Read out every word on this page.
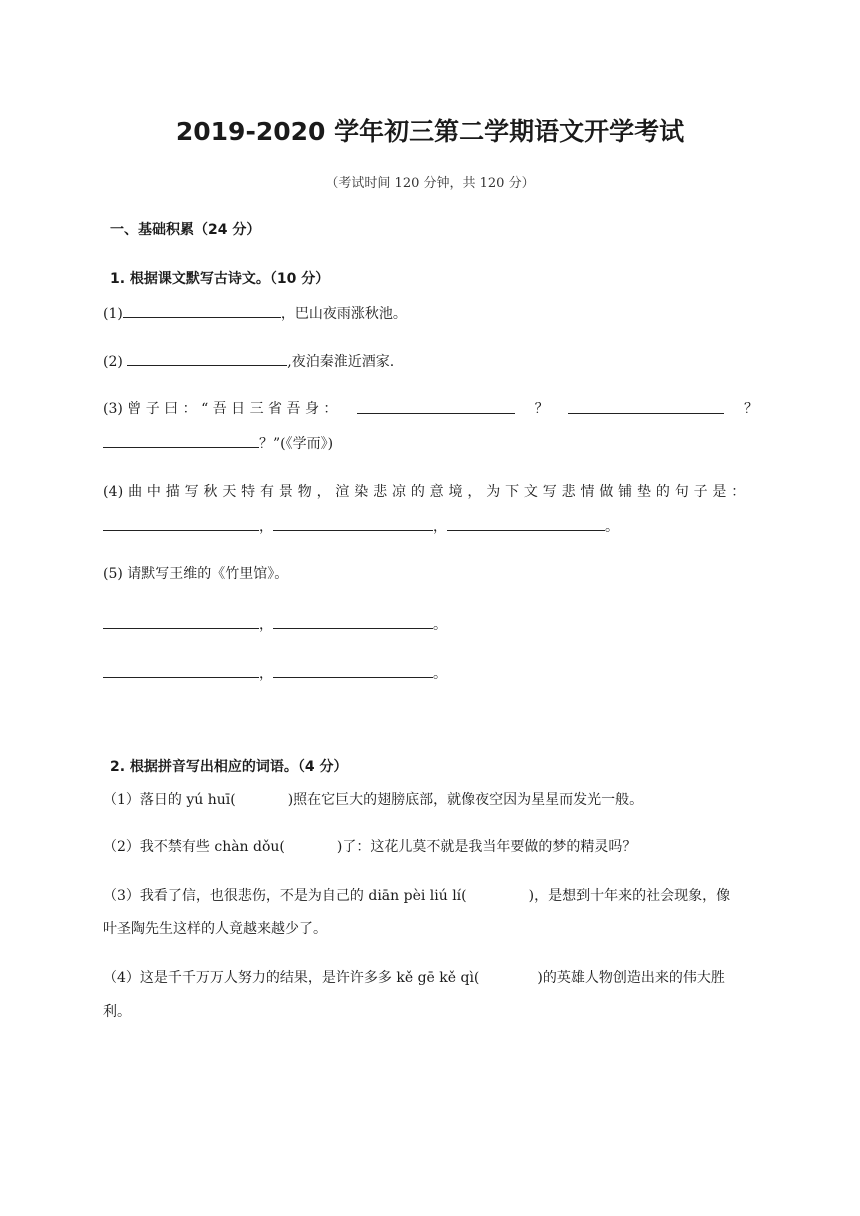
2019-2020 学年初三第二学期语文开学考试
（考试时间 120 分钟，共 120 分）
一、基础积累（24 分）
1. 根据课文默写古诗文。（10 分）
(1)	，巴山夜雨涨秋池。
(2)	,夜泊秦淮近酒家.
(3) 曾 子 曰 ： “ 吾 日 三 省 吾 身 ：	？	？
？”(《学而》)
(4) 曲 中 描 写 秋 天 特 有 景 物 ， 渲 染 悲 凉 的 意 境 ， 为 下 文 写 悲 情 做 铺 垫 的 句 子 是 ：
，	，	。
(5) 请默写王维的《竹里馆》。
，	。
，	。
2. 根据拼音写出相应的词语。（4 分）
（1）落日的 yú huī(	)照在它巨大的翅膀底部，就像夜空因为星星而发光一般。
（2）我不禁有些 chàn dǒu(	)了：这花儿莫不就是我当年要做的梦的精灵吗？
（3）我看了信，也很悲伤，不是为自己的 diān pèi liú lí(	)，是想到十年来的社会现象，像
叶圣陶先生这样的人竟越来越少了。
（4）这是千千万万人努力的结果，是许许多多 kě gē kě qì(	)的英雄人物创造出来的伟大胜
利。
